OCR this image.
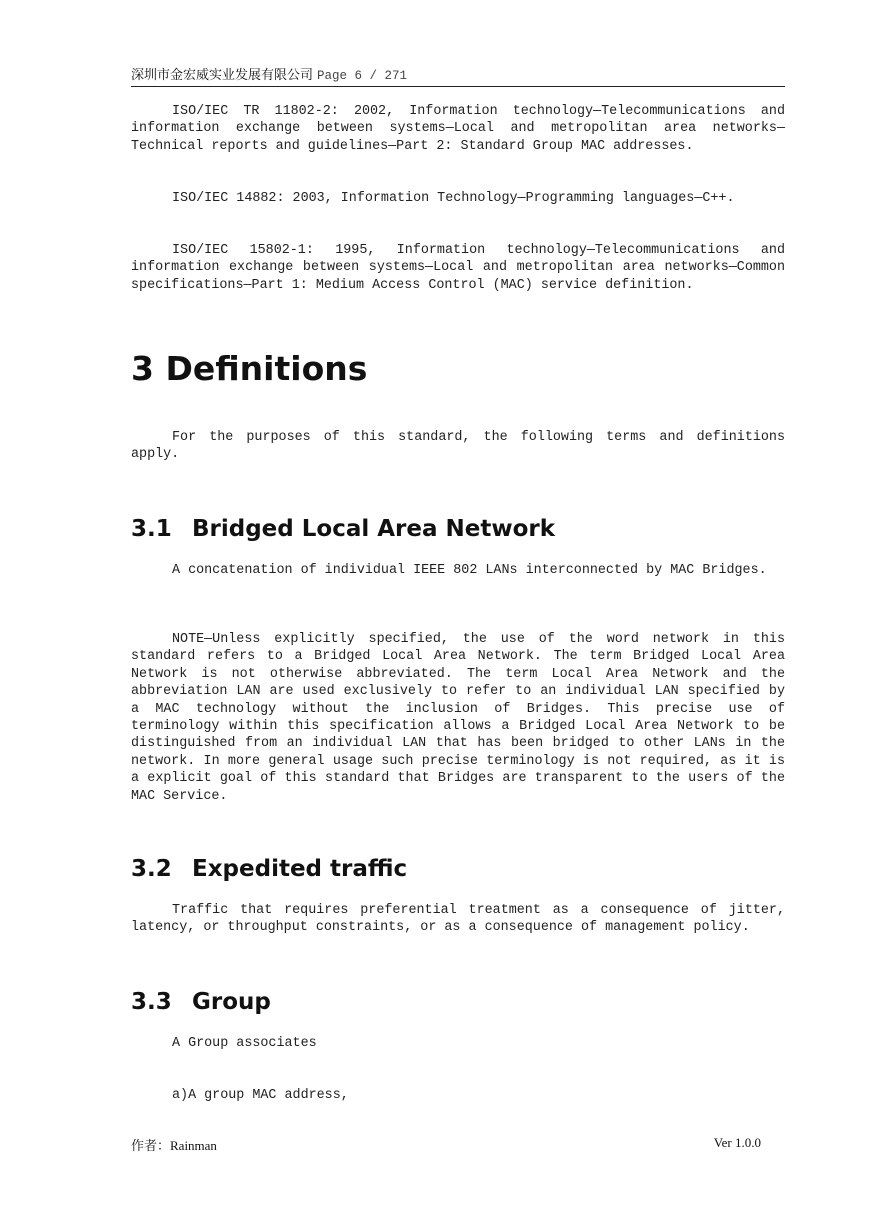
深圳市金宏威实业发展有限公司 Page 6 / 271

ISO/IEC TR 11802-2: 2002, Information technology—Telecommunications and information exchange between systems—Local and metropolitan area networks—Technical reports and guidelines—Part 2: Standard Group MAC addresses.

ISO/IEC 14882: 2003, Information Technology—Programming languages—C++.

ISO/IEC 15802-1: 1995, Information technology—Telecommunications and information exchange between systems—Local and metropolitan area networks—Common specifications—Part 1: Medium Access Control (MAC) service definition.

3 Definitions

For the purposes of this standard, the following terms and definitions apply.

3.1 Bridged Local Area Network

A concatenation of individual IEEE 802 LANs interconnected by MAC Bridges.

NOTE—Unless explicitly specified, the use of the word network in this standard refers to a Bridged Local Area Network. The term Bridged Local Area Network is not otherwise abbreviated. The term Local Area Network and the abbreviation LAN are used exclusively to refer to an individual LAN specified by a MAC technology without the inclusion of Bridges. This precise use of terminology within this specification allows a Bridged Local Area Network to be distinguished from an individual LAN that has been bridged to other LANs in the network. In more general usage such precise terminology is not required, as it is a explicit goal of this standard that Bridges are transparent to the users of the MAC Service.

3.2 Expedited traffic

Traffic that requires preferential treatment as a consequence of jitter, latency, or throughput constraints, or as a consequence of management policy.

3.3 Group

A Group associates

a)A group MAC address,

作者：Rainman	Ver 1.0.0
